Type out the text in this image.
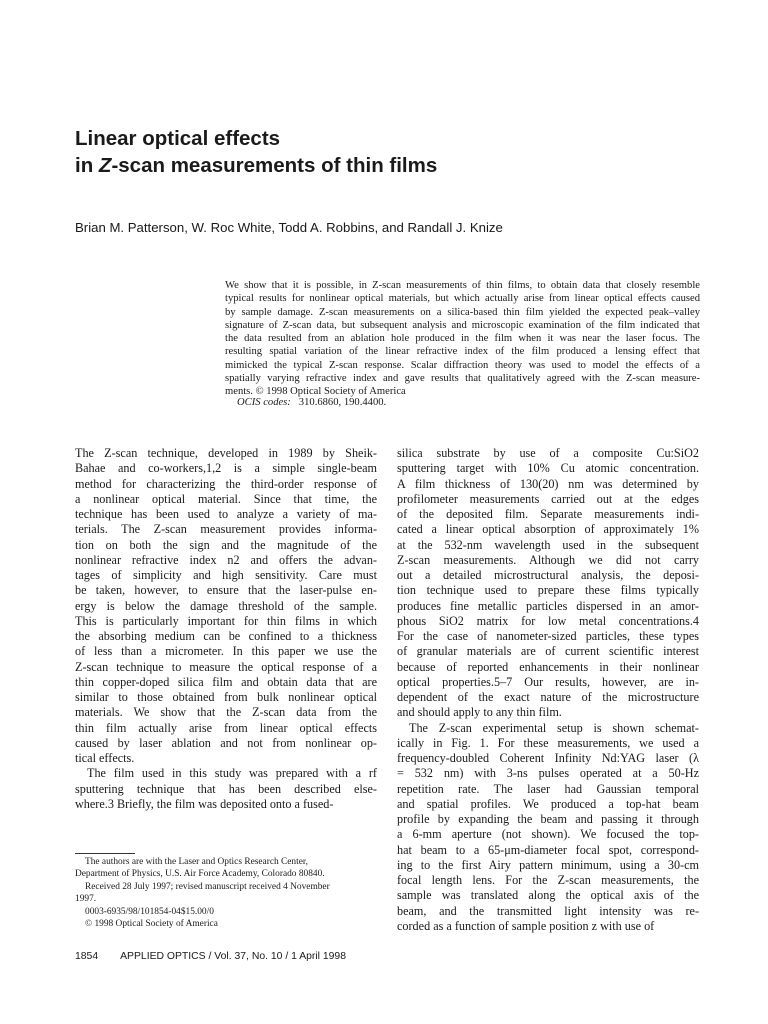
Linear optical effects
in Z-scan measurements of thin films
Brian M. Patterson, W. Roc White, Todd A. Robbins, and Randall J. Knize
We show that it is possible, in Z-scan measurements of thin films, to obtain data that closely resemble
typical results for nonlinear optical materials, but which actually arise from linear optical effects caused
by sample damage. Z-scan measurements on a silica-based thin film yielded the expected peak–valley
signature of Z-scan data, but subsequent analysis and microscopic examination of the film indicated that
the data resulted from an ablation hole produced in the film when it was near the laser focus. The
resulting spatial variation of the linear refractive index of the film produced a lensing effect that
mimicked the typical Z-scan response. Scalar diffraction theory was used to model the effects of a
spatially varying refractive index and gave results that qualitatively agreed with the Z-scan measure-
ments. © 1998 Optical Society of America
OCIS codes: 310.6860, 190.4400.
The Z-scan technique, developed in 1989 by Sheik-
Bahae and co-workers,1,2 is a simple single-beam
method for characterizing the third-order response of
a nonlinear optical material. Since that time, the
technique has been used to analyze a variety of ma-
terials. The Z-scan measurement provides informa-
tion on both the sign and the magnitude of the
nonlinear refractive index n2 and offers the advan-
tages of simplicity and high sensitivity. Care must
be taken, however, to ensure that the laser-pulse en-
ergy is below the damage threshold of the sample.
This is particularly important for thin films in which
the absorbing medium can be confined to a thickness
of less than a micrometer. In this paper we use the
Z-scan technique to measure the optical response of a
thin copper-doped silica film and obtain data that are
similar to those obtained from bulk nonlinear optical
materials. We show that the Z-scan data from the
thin film actually arise from linear optical effects
caused by laser ablation and not from nonlinear op-
tical effects.
The film used in this study was prepared with a rf
sputtering technique that has been described else-
where.3 Briefly, the film was deposited onto a fused-
silica substrate by use of a composite Cu:SiO2
sputtering target with 10% Cu atomic concentration.
A film thickness of 130(20) nm was determined by
profilometer measurements carried out at the edges
of the deposited film. Separate measurements indi-
cated a linear optical absorption of approximately 1%
at the 532-nm wavelength used in the subsequent
Z-scan measurements. Although we did not carry
out a detailed microstructural analysis, the deposi-
tion technique used to prepare these films typically
produces fine metallic particles dispersed in an amor-
phous SiO2 matrix for low metal concentrations.4
For the case of nanometer-sized particles, these types
of granular materials are of current scientific interest
because of reported enhancements in their nonlinear
optical properties.5–7 Our results, however, are in-
dependent of the exact nature of the microstructure
and should apply to any thin film.
The Z-scan experimental setup is shown schemat-
ically in Fig. 1. For these measurements, we used a
frequency-doubled Coherent Infinity Nd:YAG laser (λ
= 532 nm) with 3-ns pulses operated at a 50-Hz
repetition rate. The laser had Gaussian temporal
and spatial profiles. We produced a top-hat beam
profile by expanding the beam and passing it through
a 6-mm aperture (not shown). We focused the top-
hat beam to a 65-μm-diameter focal spot, correspond-
ing to the first Airy pattern minimum, using a 30-cm
focal length lens. For the Z-scan measurements, the
sample was translated along the optical axis of the
beam, and the transmitted light intensity was re-
corded as a function of sample position z with use of
The authors are with the Laser and Optics Research Center,
Department of Physics, U.S. Air Force Academy, Colorado 80840.
Received 28 July 1997; revised manuscript received 4 November
1997.
0003-6935/98/101854-04$15.00/0
© 1998 Optical Society of America
1854 APPLIED OPTICS / Vol. 37, No. 10 / 1 April 1998
